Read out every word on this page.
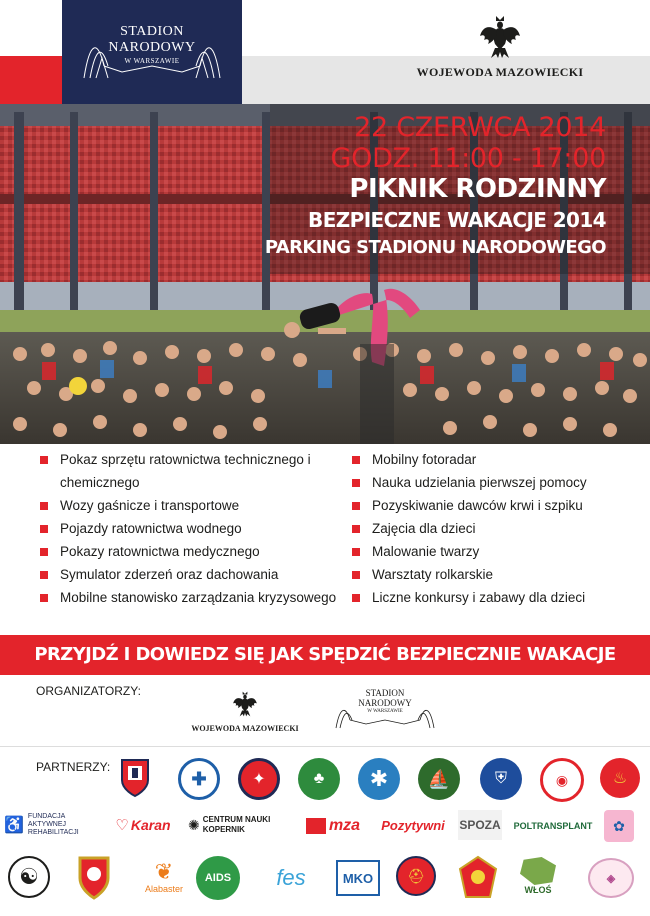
STADION
NARODOWY
W WARSZAWIE
WOJEWODA MAZOWIECKI
22 CZERWCA 2014
GODZ. 11:00 - 17:00
PIKNIK RODZINNY
BEZPIECZNE WAKACJE 2014
PARKING STADIONU NARODOWEGO
Pokaz sprzętu ratownictwa technicznego i chemicznego
Wozy gaśnicze i transportowe
Pojazdy ratownictwa wodnego
Pokazy ratownictwa medycznego
Symulator zderzeń oraz dachowania
Mobilne stanowisko zarządzania kryzysowego
Mobilny fotoradar
Nauka udzielania pierwszej pomocy
Pozyskiwanie dawców krwi i szpiku
Zajęcia dla dzieci
Malowanie twarzy
Warsztaty rolkarskie
Liczne konkursy i zabawy dla dzieci
PRZYJDŹ I DOWIEDZ SIĘ JAK SPĘDZIĆ BEZPIECZNIE WAKACJE
ORGANIZATORZY:
WOJEWODA MAZOWIECKI
STADION
NARODOWY
W WARSZAWIE
PARTNERZY:
✚	✦	♣ ✱ ⛵	⛨	◉	♨
♿
FUNDACJA AKTYWNEJ REHABILITACJI	♡ Karan ✺ CENTRUM NAUKI KOPERNIK	mza Pozytywni SPOZA POLTRANSPLANT ✿
☯	❦
Alabaster
AIDS fes	MKO ⛑
WŁOŚ
◈
